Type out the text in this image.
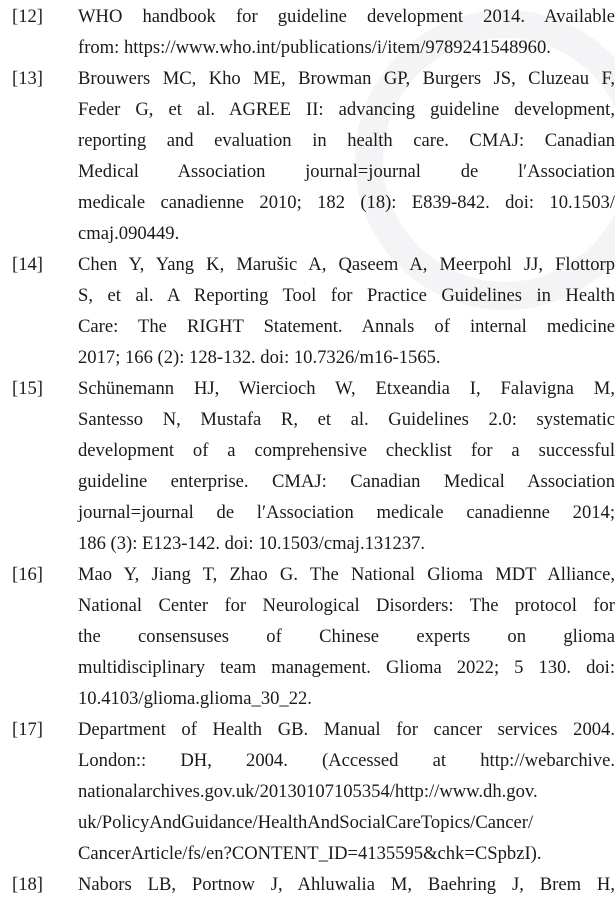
[12] WHO handbook for guideline development 2014. Available
from: https://www.who.int/publications/i/item/9789241548960.
[13] Brouwers MC, Kho ME, Browman GP, Burgers JS, Cluzeau F,
Feder G, et al. AGREE II: advancing guideline development,
reporting and evaluation in health care. CMAJ: Canadian
Medical Association journal=journal de l′Association
medicale canadienne 2010; 182 (18): E839-842. doi: 10.1503/
cmaj.090449.
[14] Chen Y, Yang K, Marušic A, Qaseem A, Meerpohl JJ, Flottorp
S, et al. A Reporting Tool for Practice Guidelines in Health
Care: The RIGHT Statement. Annals of internal medicine
2017; 166 (2): 128-132. doi: 10.7326/m16-1565.
[15] Schünemann HJ, Wiercioch W, Etxeandia I, Falavigna M,
Santesso N, Mustafa R, et al. Guidelines 2.0: systematic
development of a comprehensive checklist for a successful
guideline enterprise. CMAJ: Canadian Medical Association
journal=journal de l′Association medicale canadienne 2014;
186 (3): E123-142. doi: 10.1503/cmaj.131237.
[16] Mao Y, Jiang T, Zhao G. The National Glioma MDT Alliance,
National Center for Neurological Disorders: The protocol for
the consensuses of Chinese experts on glioma
multidisciplinary team management. Glioma 2022; 5 130. doi:
10.4103/glioma.glioma_30_22.
[17] Department of Health GB. Manual for cancer services 2004.
London:: DH, 2004. (Accessed at http://webarchive.
nationalarchives.gov.uk/20130107105354/http://www.dh.gov.
uk/PolicyAndGuidance/HealthAndSocialCareTopics/Cancer/
CancerArticle/fs/en?CONTENT_ID=4135595&chk=CSpbzI).
[18] Nabors LB, Portnow J, Ahluwalia M, Baehring J, Brem H,
